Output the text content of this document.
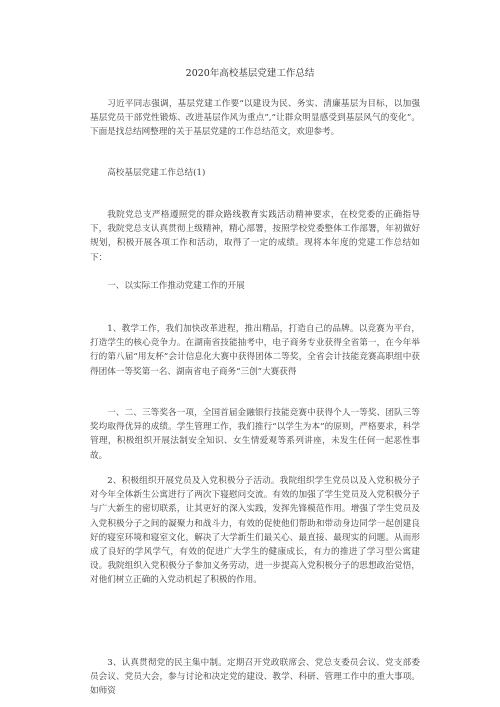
2020年高校基层党建工作总结

习近平同志强调，基层党建工作要“以建设为民、务实、清廉基层为目标，以加强基层党员干部党性锻炼、改进基层作风为重点”,“让群众明显感受到基层风气的变化”。下面是找总结网整理的关于基层党建的工作总结范文，欢迎参考。

高校基层党建工作总结(1)

我院党总支严格遵照党的群众路线教育实践活动精神要求，在校党委的正确指导下，我院党总支认真贯彻上级精神，精心部署，按照学校党委整体工作部署，年初做好规划，积极开展各项工作和活动，取得了一定的成绩。现将本年度的党建工作总结如下：

一、以实际工作推动党建工作的开展

1、教学工作，我们加快改革进程，推出精品，打造自己的品牌。以竞赛为平台，打造学生的核心竞争力。在湖南省技能抽考中，电子商务专业获得全省第一，在今年举行的第八届“用友杯”会计信息化大赛中获得团体二等奖，全省会计技能竞赛高职组中获得团体一等奖第一名、湖南省电子商务“三创”大赛获得

一、二、三等奖各一项，全国首届金融银行技能竞赛中获得个人一等奖、团队三等奖均取得优异的成绩。学生管理工作，我们推行“以学生为本”的原则，严格要求，科学管理，积极组织开展法制安全知识、女生情爱观等系列讲座，未发生任何一起恶性事故。

2、积极组织开展党员及入党积极分子活动。我院组织学生党员以及入党积极分子对今年全体新生公寓进行了两次下寝慰问交流。有效的加强了学生党员及入党积极分子与广大新生的密切联系，让其更好的深入实践，发挥先锋模范作用。增强了学生党员及入党积极分子之间的凝聚力和战斗力，有效的促使他们帮助和带动身边同学一起创建良好的寝室环境和寝室文化，解决了大学新生们最关心、最直接、最现实的问题。从而形成了良好的学风学气，有效的促进广大学生的健康成长，有力的推进了学习型公寓建设。我院组织入党积极分子参加义务劳动，进一步提高入党积极分子的思想政治觉悟，对他们树立正确的入党动机起了积极的作用。

3、认真贯彻党的民主集中制。定期召开党政联席会、党总支委员会议、党支部委员会议、党员大会，参与讨论和决定党的建设、教学、科研、管理工作中的重大事项。如师资
